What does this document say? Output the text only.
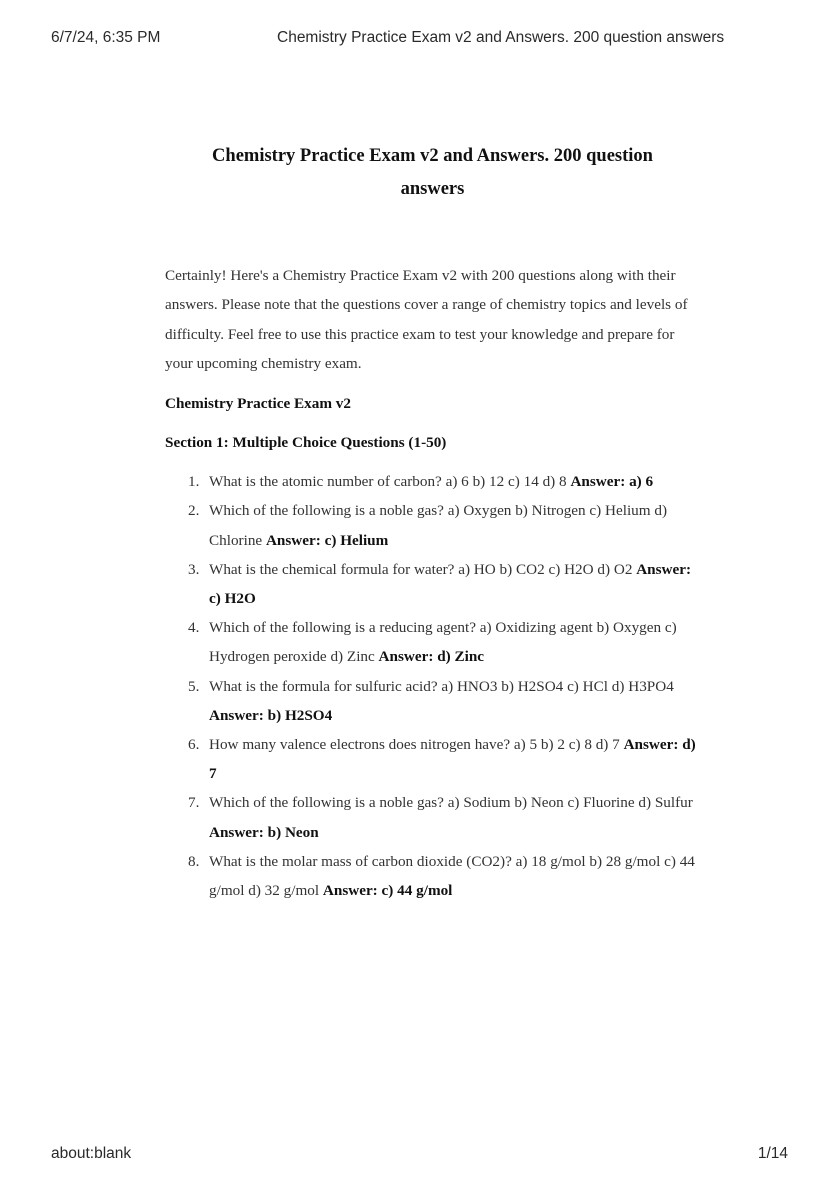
6/7/24, 6:35 PM	Chemistry Practice Exam v2 and Answers. 200 question answers
Chemistry Practice Exam v2 and Answers. 200 question
answers

Certainly! Here's a Chemistry Practice Exam v2 with 200 questions along with their answers. Please note that the questions cover a range of chemistry topics and levels of difficulty. Feel free to use this practice exam to test your knowledge and prepare for your upcoming chemistry exam.

Chemistry Practice Exam v2

Section 1: Multiple Choice Questions (1-50)

1. What is the atomic number of carbon? a) 6 b) 12 c) 14 d) 8 Answer: a) 6
2. Which of the following is a noble gas? a) Oxygen b) Nitrogen c) Helium d) Chlorine Answer: c) Helium
3. What is the chemical formula for water? a) HO b) CO2 c) H2O d) O2 Answer: c) H2O
4. Which of the following is a reducing agent? a) Oxidizing agent b) Oxygen c) Hydrogen peroxide d) Zinc Answer: d) Zinc
5. What is the formula for sulfuric acid? a) HNO3 b) H2SO4 c) HCl d) H3PO4 Answer: b) H2SO4
6. How many valence electrons does nitrogen have? a) 5 b) 2 c) 8 d) 7 Answer: d) 7
7. Which of the following is a noble gas? a) Sodium b) Neon c) Fluorine d) Sulfur Answer: b) Neon
8. What is the molar mass of carbon dioxide (CO2)? a) 18 g/mol b) 28 g/mol c) 44 g/mol d) 32 g/mol Answer: c) 44 g/mol
about:blank	1/14
